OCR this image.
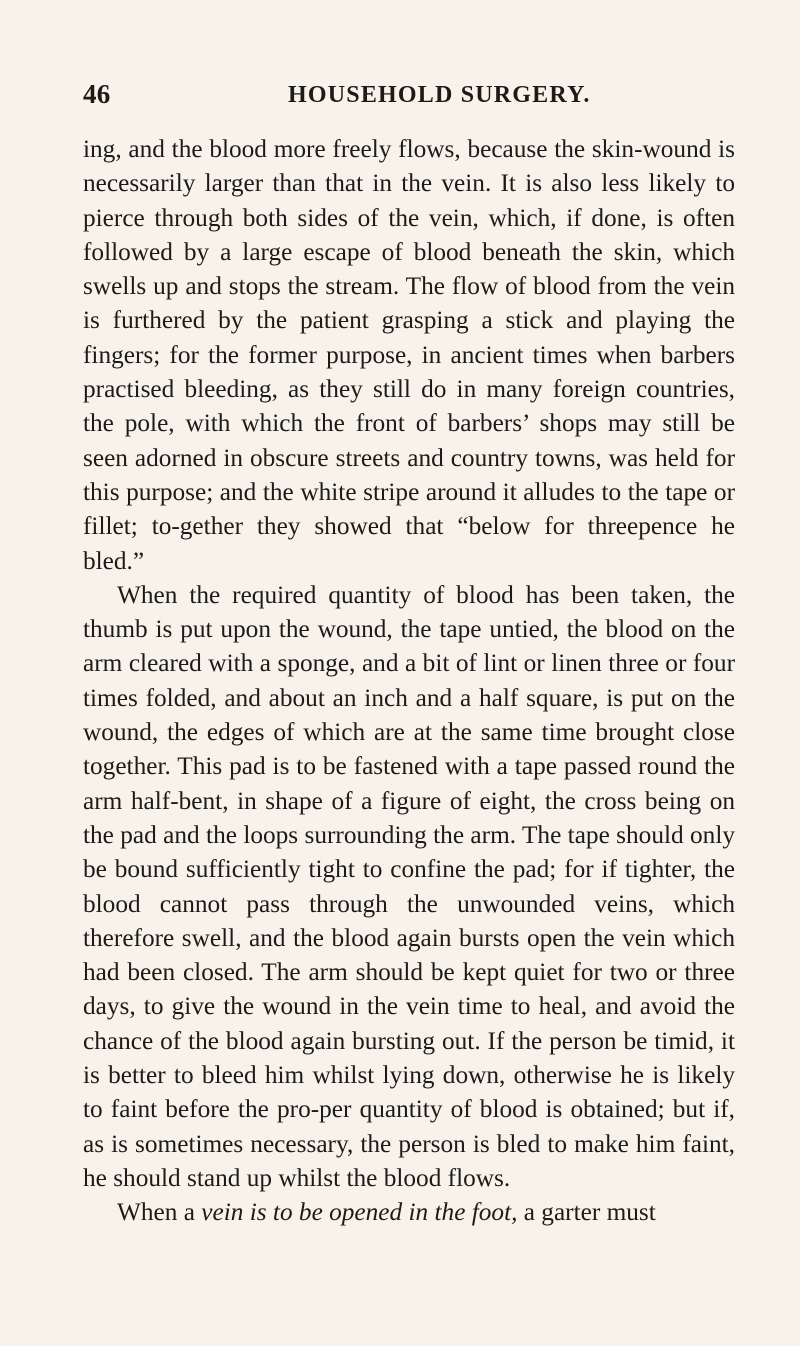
46	HOUSEHOLD SURGERY.

ing, and the blood more freely flows, because the skin-wound is necessarily larger than that in the vein. It is also less likely to pierce through both sides of the vein, which, if done, is often followed by a large escape of blood beneath the skin, which swells up and stops the stream. The flow of blood from the vein is furthered by the patient grasping a stick and playing the fingers; for the former purpose, in ancient times when barbers practised bleeding, as they still do in many foreign countries, the pole, with which the front of barbers’ shops may still be seen adorned in obscure streets and country towns, was held for this purpose; and the white stripe around it alludes to the tape or fillet; to-gether they showed that “below for threepence he bled.”

When the required quantity of blood has been taken, the thumb is put upon the wound, the tape untied, the blood on the arm cleared with a sponge, and a bit of lint or linen three or four times folded, and about an inch and a half square, is put on the wound, the edges of which are at the same time brought close together. This pad is to be fastened with a tape passed round the arm half-bent, in shape of a figure of eight, the cross being on the pad and the loops surrounding the arm. The tape should only be bound sufficiently tight to confine the pad; for if tighter, the blood cannot pass through the unwounded veins, which therefore swell, and the blood again bursts open the vein which had been closed. The arm should be kept quiet for two or three days, to give the wound in the vein time to heal, and avoid the chance of the blood again bursting out. If the person be timid, it is better to bleed him whilst lying down, otherwise he is likely to faint before the pro-per quantity of blood is obtained; but if, as is sometimes necessary, the person is bled to make him faint, he should stand up whilst the blood flows.

When a vein is to be opened in the foot, a garter must
